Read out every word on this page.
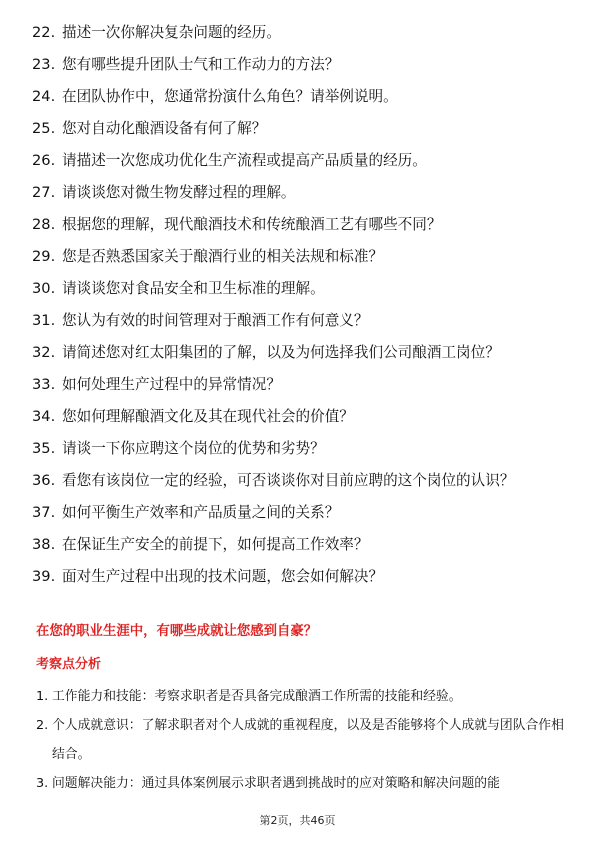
22. 描述一次你解决复杂问题的经历。
23. 您有哪些提升团队士气和工作动力的方法？
24. 在团队协作中，您通常扮演什么角色？请举例说明。
25. 您对自动化酿酒设备有何了解？
26. 请描述一次您成功优化生产流程或提高产品质量的经历。
27. 请谈谈您对微生物发酵过程的理解。
28. 根据您的理解，现代酿酒技术和传统酿酒工艺有哪些不同？
29. 您是否熟悉国家关于酿酒行业的相关法规和标准？
30. 请谈谈您对食品安全和卫生标准的理解。
31. 您认为有效的时间管理对于酿酒工作有何意义？
32. 请简述您对红太阳集团的了解，以及为何选择我们公司酿酒工岗位？
33. 如何处理生产过程中的异常情况？
34. 您如何理解酿酒文化及其在现代社会的价值？
35. 请谈一下你应聘这个岗位的优势和劣势？
36. 看您有该岗位一定的经验，可否谈谈你对目前应聘的这个岗位的认识？
37. 如何平衡生产效率和产品质量之间的关系？
38. 在保证生产安全的前提下，如何提高工作效率？
39. 面对生产过程中出现的技术问题，您会如何解决？
在您的职业生涯中，有哪些成就让您感到自豪？
考察点分析
1. 工作能力和技能：考察求职者是否具备完成酿酒工作所需的技能和经验。
2. 个人成就意识：了解求职者对个人成就的重视程度，以及是否能够将个人成就与团队合作相结合。
3. 问题解决能力：通过具体案例展示求职者遇到挑战时的应对策略和解决问题的能
第2页，共46页
